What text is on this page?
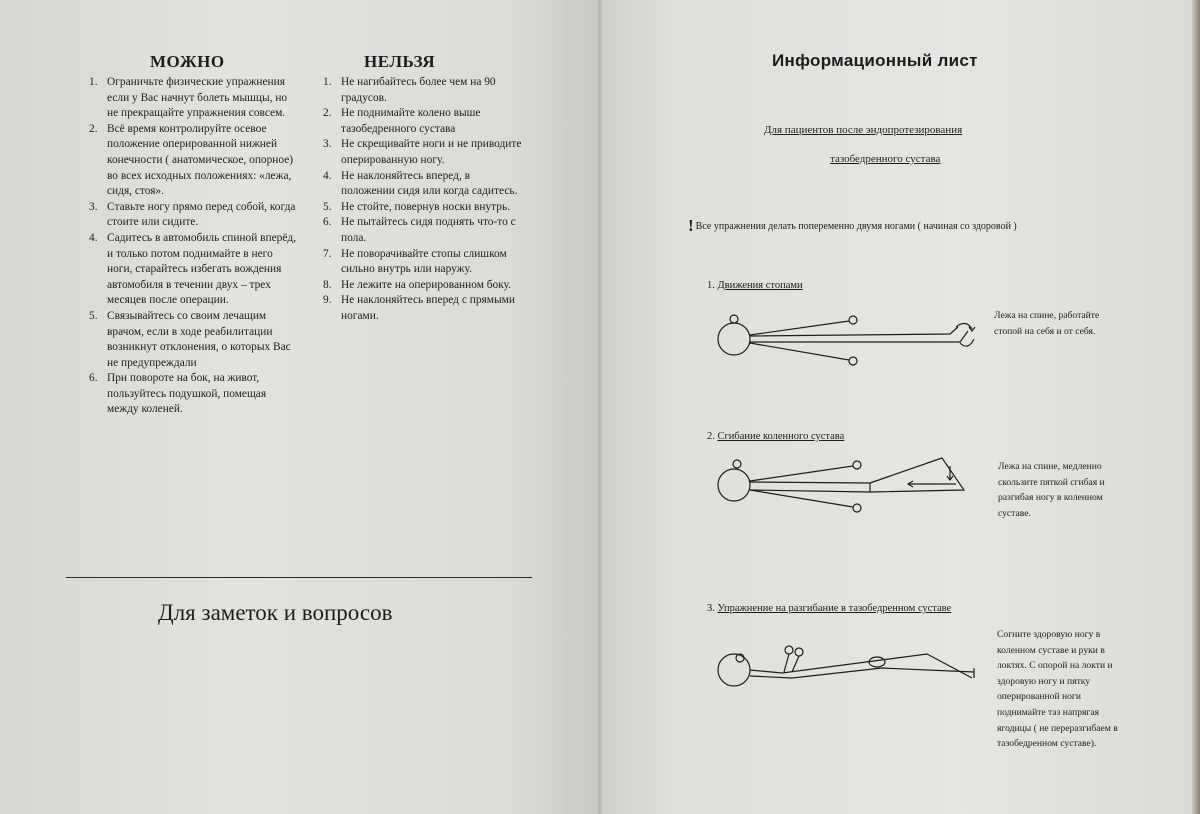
МОЖНО
1. Ограничьте физические упражнения если у Вас начнут болеть мышцы, но не прекращайте упражнения совсем.
2. Всё время контролируйте осевое положение оперированной нижней конечности ( анатомическое, опорное) во всех исходных положениях: «лежа, сидя, стоя».
3. Ставьте ногу прямо перед собой, когда стоите или сидите.
4. Садитесь в автомобиль спиной вперёд, и только потом поднимайте в него ноги, старайтесь избегать вождения автомобиля в течении двух – трех месяцев после операции.
5. Связывайтесь со своим лечащим врачом, если в ходе реабилитации возникнут отклонения, о которых Вас не предупреждали
6. При повороте на бок, на живот, пользуйтесь подушкой, помещая между коленей.
НЕЛЬЗЯ
1. Не нагибайтесь более чем на 90 градусов.
2. Не поднимайте колено выше тазобедренного сустава
3. Не скрещивайте ноги и не приводите оперированную ногу.
4. Не наклоняйтесь вперед, в положении сидя или когда садитесь.
5. Не стойте, повернув носки внутрь.
6. Не пытайтесь сидя поднять что-то с пола.
7. Не поворачивайте стопы слишком сильно внутрь или наружу.
8. Не лежите на оперированном боку.
9. Не наклоняйтесь вперед с прямыми ногами.
Для заметок и вопросов
Информационный лист
Для пациентов после эндопротезирования
тазобедренного сустава
! Все упражнения делать попеременно двумя ногами ( начиная со здоровой )
1. Движения стопами
Лежа на спине, работайте стопой на себя и от себя.
2. Сгибание коленного сустава
Лежа на спине, медленно скользите пяткой сгибая и разгибая ногу в коленном суставе.
3. Упражнение на разгибание в тазобедренном суставе
Согните здоровую ногу в коленном суставе и руки в локтях. С опорой на локти и здоровую ногу и пятку оперированной ноги поднимайте таз напрягая ягодицы ( не переразгибаем в тазобедренном суставе).
